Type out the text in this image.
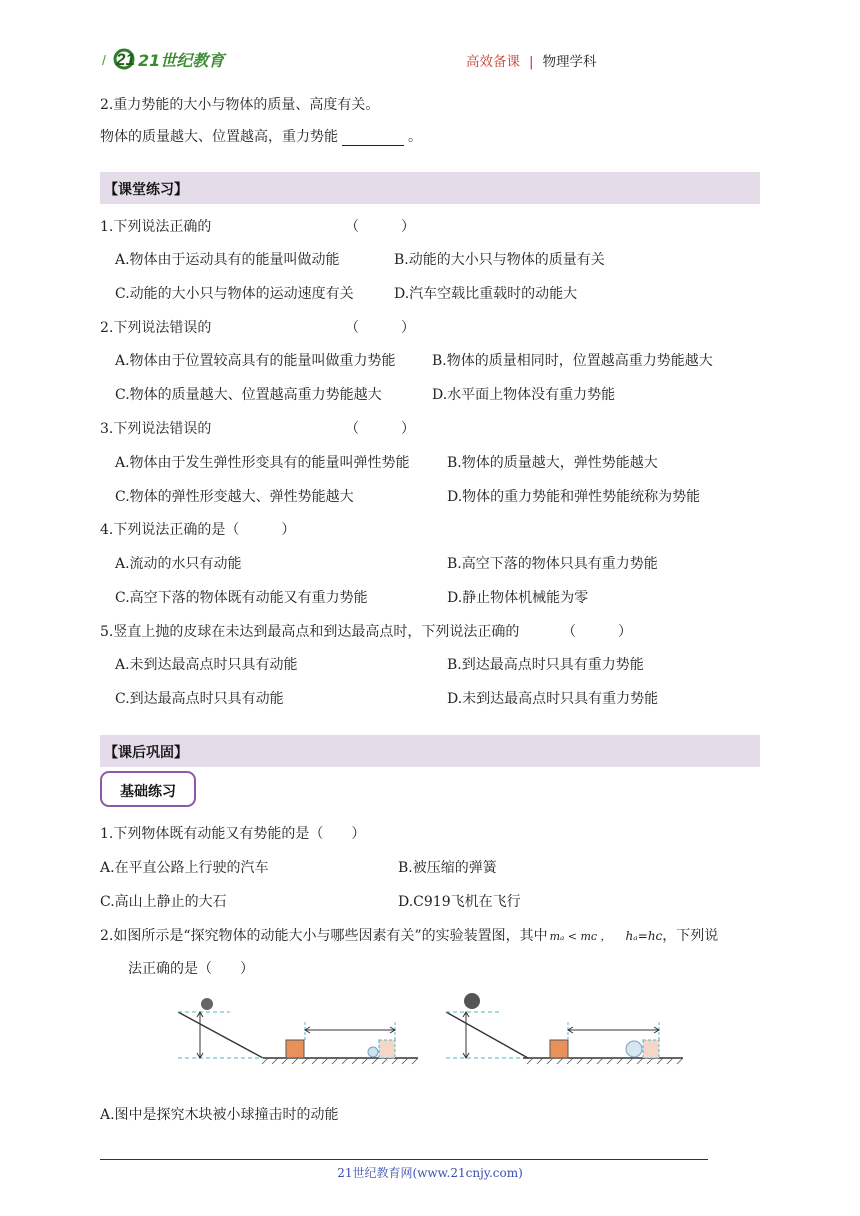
/ 21 21世纪教育	高效备课 | 物理学科
2.重力势能的大小与物体的质量、高度有关。
物体的质量越大、位置越高，重力势能	。
【课堂练习】
1.下列说法正确的	（　　　）
A.物体由于运动具有的能量叫做动能	B.动能的大小只与物体的质量有关
C.动能的大小只与物体的运动速度有关	D.汽车空载比重载时的动能大
2.下列说法错误的	（　　　）
A.物体由于位置较高具有的能量叫做重力势能	B.物体的质量相同时，位置越高重力势能越大
C.物体的质量越大、位置越高重力势能越大	D.水平面上物体没有重力势能
3.下列说法错误的	（　　　）
A.物体由于发生弹性形变具有的能量叫弹性势能	B.物体的质量越大，弹性势能越大
C.物体的弹性形变越大、弹性势能越大	D.物体的重力势能和弹性势能统称为势能
4.下列说法正确的是（　　　）
A.流动的水只有动能	B.高空下落的物体只具有重力势能
C.高空下落的物体既有动能又有重力势能	D.静止物体机械能为零
5.竖直上抛的皮球在未达到最高点和到达最高点时，下列说法正确的	（　　　）
A.未到达最高点时只具有动能	B.到达最高点时只具有重力势能
C.到达最高点时只具有动能	D.未到达最高点时只具有重力势能
【课后巩固】
基础练习
1.下列物体既有动能又有势能的是（　　）
A.在平直公路上行驶的汽车	B.被压缩的弹簧
C.高山上静止的大石	D.C919飞机在飞行
2.如图所示是“探究物体的动能大小与哪些因素有关”的实验装置图，其中 mₐ < mᴄ ， hₐ=hᴄ，下列说
法正确的是（　　）
A.图中是探究木块被小球撞击时的动能
21世纪教育网(www.21cnjy.com)
